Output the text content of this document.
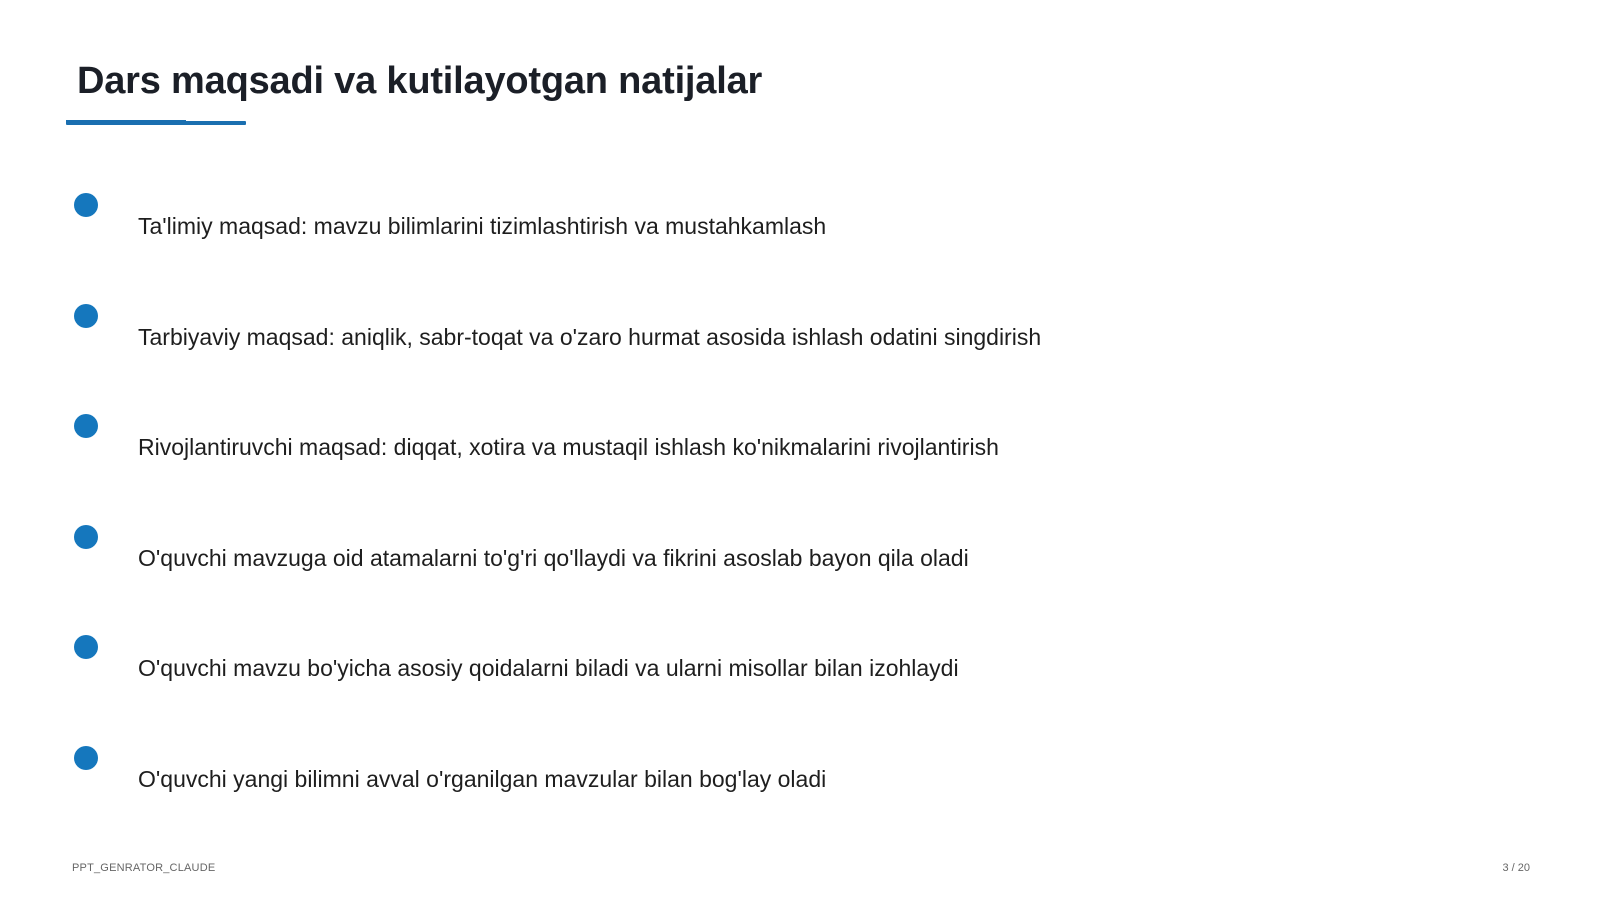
Dars maqsadi va kutilayotgan natijalar
Ta'limiy maqsad: mavzu bilimlarini tizimlashtirish va mustahkamlash
Tarbiyaviy maqsad: aniqlik, sabr-toqat va o'zaro hurmat asosida ishlash odatini singdirish
Rivojlantiruvchi maqsad: diqqat, xotira va mustaqil ishlash ko'nikmalarini rivojlantirish
O'quvchi mavzuga oid atamalarni to'g'ri qo'llaydi va fikrini asoslab bayon qila oladi
O'quvchi mavzu bo'yicha asosiy qoidalarni biladi va ularni misollar bilan izohlaydi
O'quvchi yangi bilimni avval o'rganilgan mavzular bilan bog'lay oladi
PPT_GENRATOR_CLAUDE	3 / 20
